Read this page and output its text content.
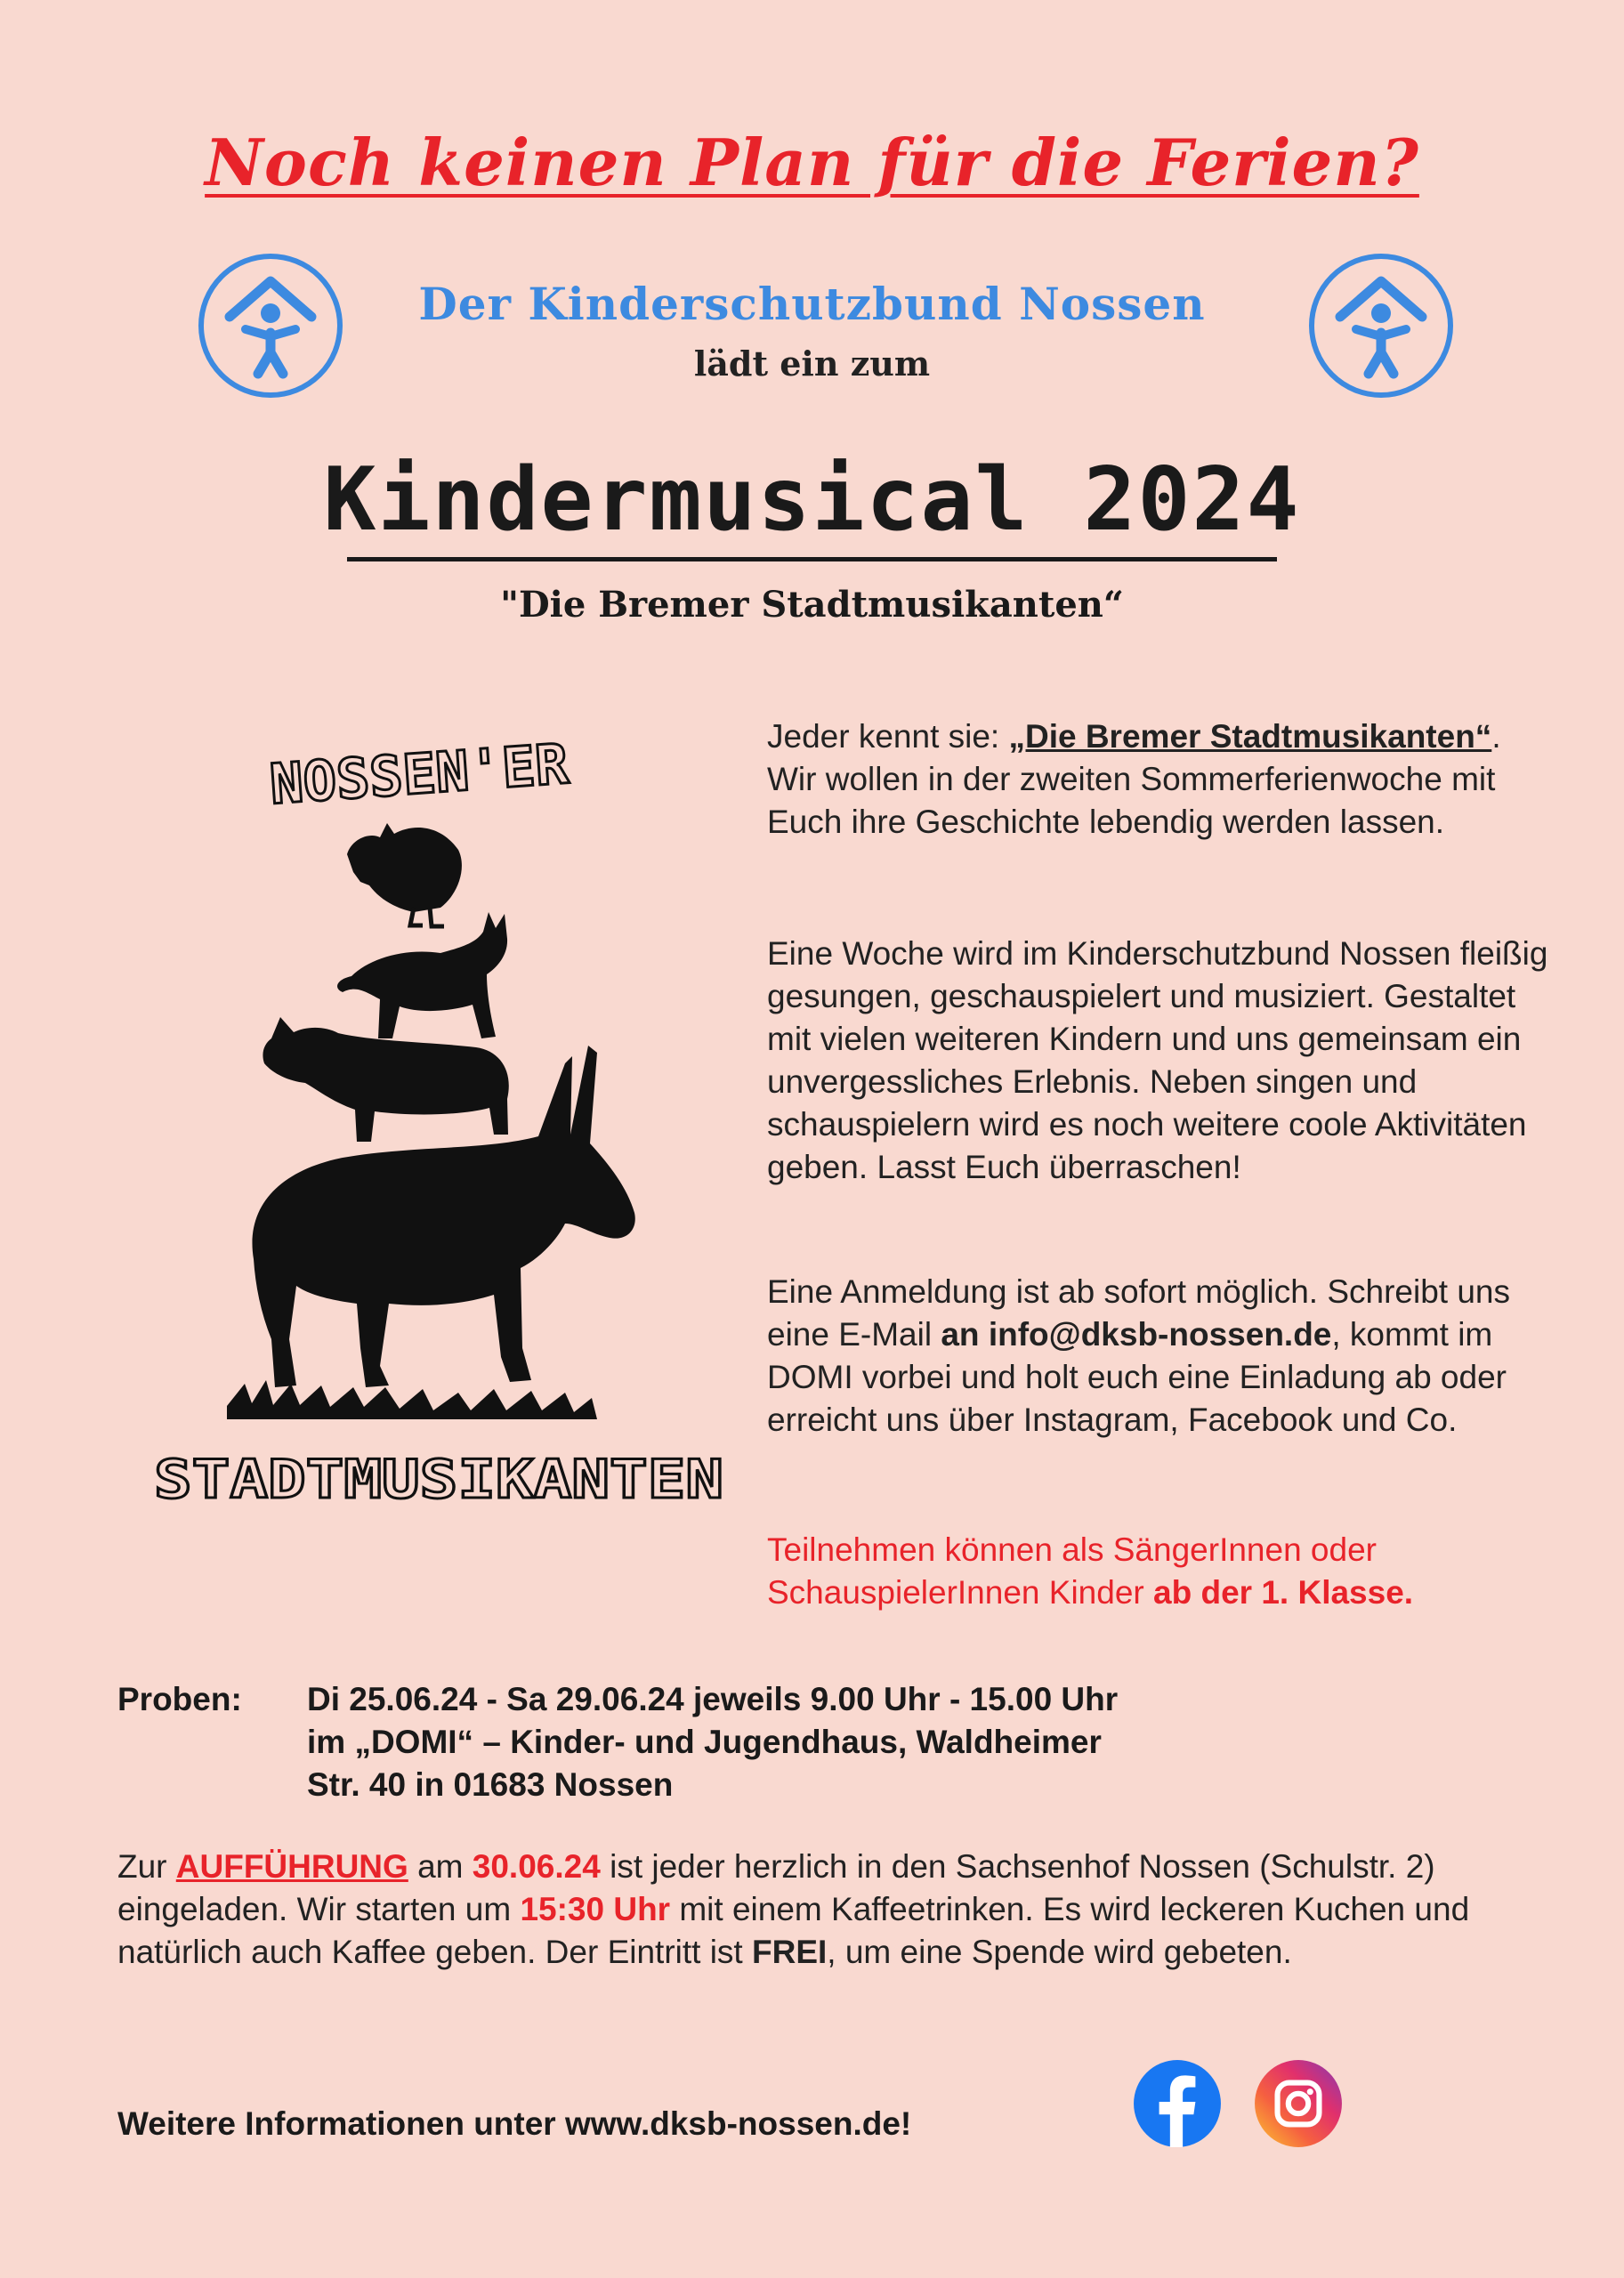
Noch keinen Plan für die Ferien?
Der Kinderschutzbund Nossen
lädt ein zum
Kindermusical 2024
"Die Bremer Stadtmusikanten“
NOSSEN'ER
STADTMUSIKANTEN
Jeder kennt sie: „Die Bremer Stadtmusikanten“. Wir wollen in der zweiten Sommerferienwoche mit Euch ihre Geschichte lebendig werden lassen.
Eine Woche wird im Kinderschutzbund Nossen fleißig gesungen, geschauspielert und musiziert. Gestaltet mit vielen weiteren Kindern und uns gemeinsam ein unvergessliches Erlebnis. Neben singen und schauspielern wird es noch weitere coole Aktivitäten geben. Lasst Euch überraschen!
Eine Anmeldung ist ab sofort möglich. Schreibt uns eine E-Mail an info@dksb-nossen.de, kommt im DOMI vorbei und holt euch eine Einladung ab oder erreicht uns über Instagram, Facebook und Co.
Teilnehmen können als SängerInnen oder SchauspielerInnen Kinder ab der 1. Klasse.
Proben: Di 25.06.24 - Sa 29.06.24 jeweils 9.00 Uhr - 15.00 Uhr
im „DOMI“ – Kinder- und Jugendhaus, Waldheimer
Str. 40 in 01683 Nossen
Zur AUFFÜHRUNG am 30.06.24 ist jeder herzlich in den Sachsenhof Nossen (Schulstr. 2) eingeladen. Wir starten um 15:30 Uhr mit einem Kaffeetrinken. Es wird leckeren Kuchen und natürlich auch Kaffee geben. Der Eintritt ist FREI, um eine Spende wird gebeten.
Weitere Informationen unter www.dksb-nossen.de!
